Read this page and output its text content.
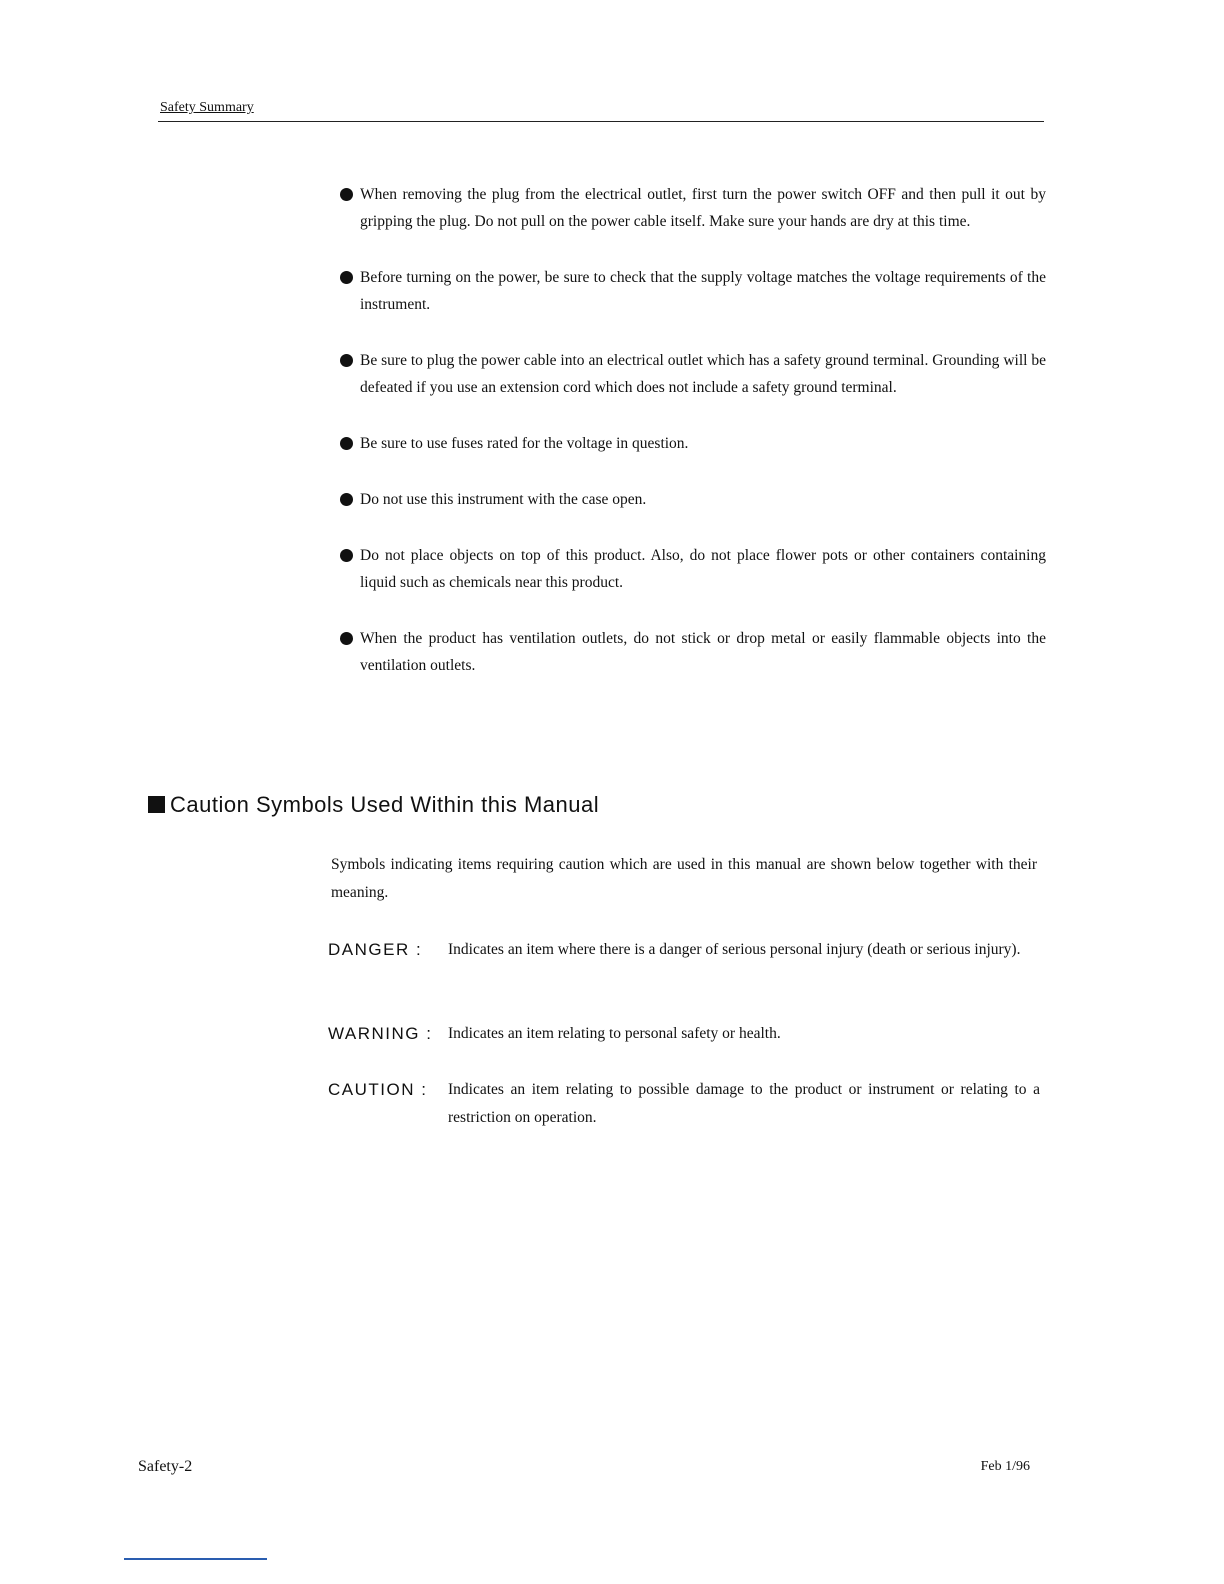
Safety Summary
When removing the plug from the electrical outlet, first turn the power switch OFF and then pull it out by gripping the plug. Do not pull on the power cable itself. Make sure your hands are dry at this time.
Before turning on the power, be sure to check that the supply voltage matches the voltage requirements of the instrument.
Be sure to plug the power cable into an electrical outlet which has a safety ground terminal. Grounding will be defeated if you use an extension cord which does not include a safety ground terminal.
Be sure to use fuses rated for the voltage in question.
Do not use this instrument with the case open.
Do not place objects on top of this product. Also, do not place flower pots or other containers containing liquid such as chemicals near this product.
When the product has ventilation outlets, do not stick or drop metal or easily flammable objects into the ventilation outlets.
Caution Symbols Used Within this Manual

Symbols indicating items requiring caution which are used in this manual are shown below together with their meaning.

DANGER : Indicates an item where there is a danger of serious personal injury (death or serious injury).
WARNING : Indicates an item relating to personal safety or health.
CAUTION : Indicates an item relating to possible damage to the product or instrument or relating to a restriction on operation.
Safety-2	Feb 1/96
